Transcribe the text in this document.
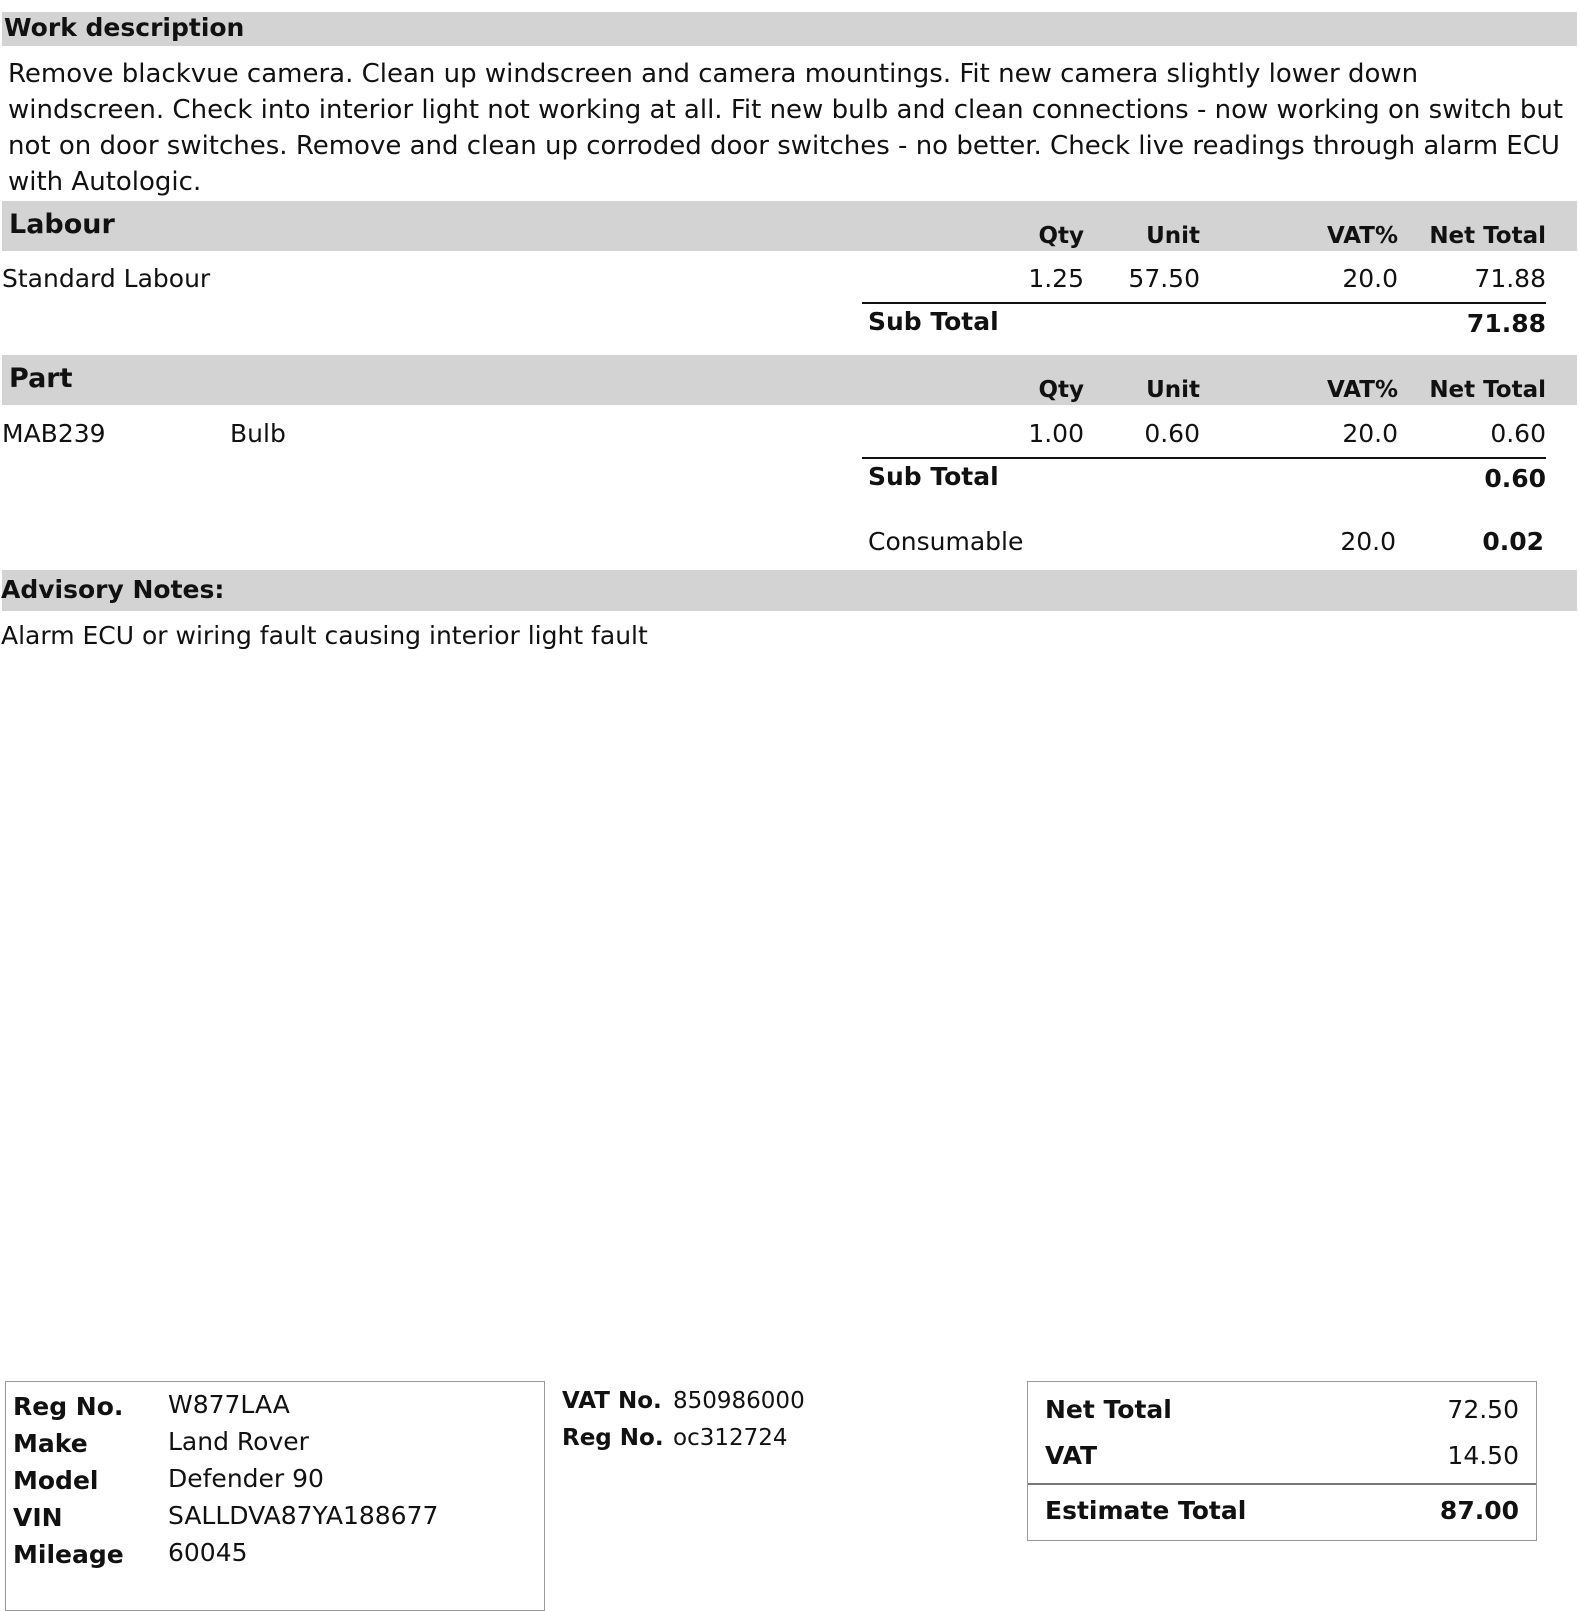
Work description
Remove blackvue camera. Clean up windscreen and camera mountings. Fit new camera slightly lower down windscreen. Check into interior light not working at all. Fit new bulb and clean connections - now working on switch but not on door switches. Remove and clean up corroded door switches - no better. Check live readings through alarm ECU with Autologic.
Labour	Qty	Unit	VAT%	Net Total
Standard Labour	1.25	57.50	20.0	71.88
Sub Total	71.88
Part	Qty	Unit	VAT%	Net Total
MAB239	Bulb	1.00	0.60	20.0	0.60
Sub Total	0.60
Consumable	20.0	0.02
Advisory Notes:
Alarm ECU or wiring fault causing interior light fault
Reg No. W877LAA
Make	Land Rover
Model	Defender 90
VIN	SALLDVA87YA188677
Mileage 60045
VAT No. 850986000
Reg No. oc312724
Net Total	72.50
VAT	14.50
Estimate Total	87.00
